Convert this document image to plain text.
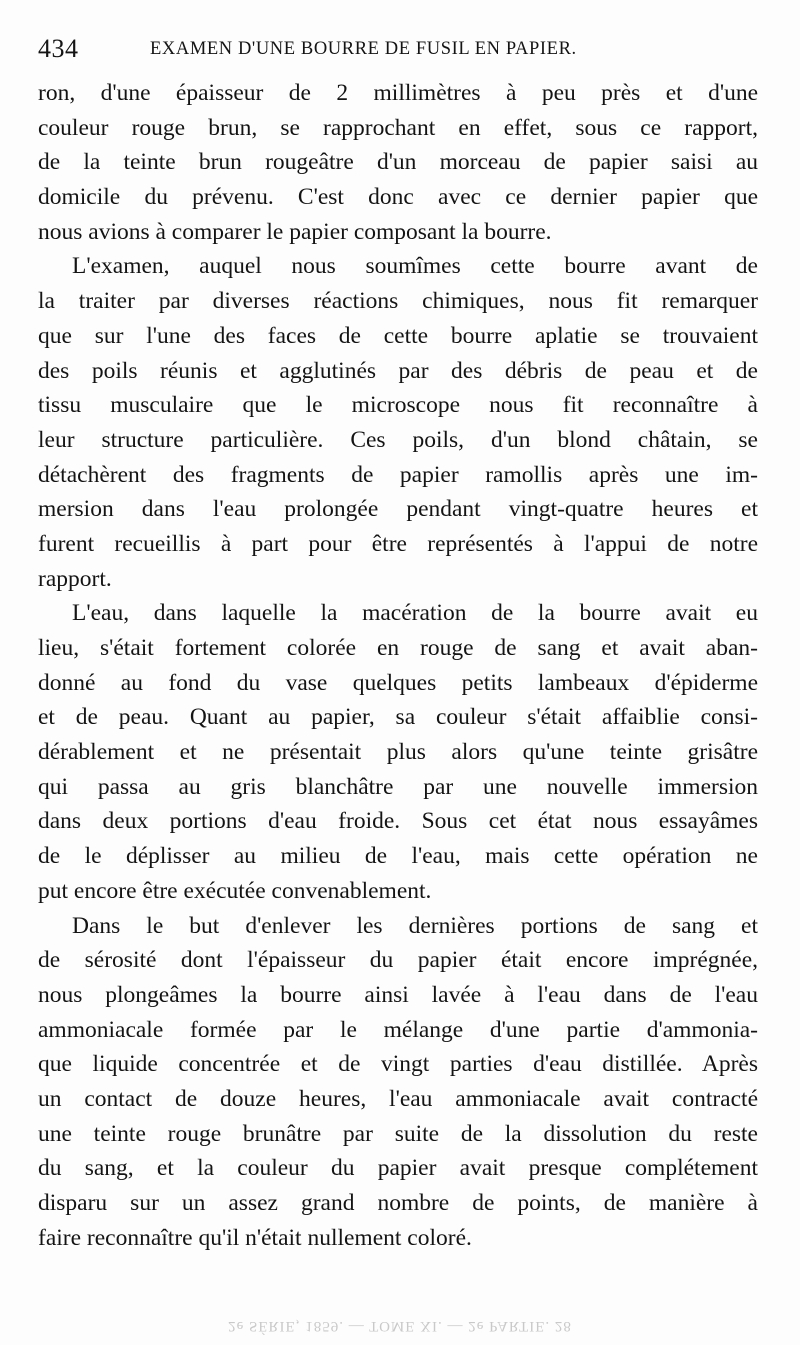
434	EXAMEN D'UNE BOURRE DE FUSIL EN PAPIER.
ron, d'une épaisseur de 2 millimètres à peu près et d'une
couleur rouge brun, se rapprochant en effet, sous ce rapport,
de la teinte brun rougeâtre d'un morceau de papier saisi au
domicile du prévenu. C'est donc avec ce dernier papier que
nous avions à comparer le papier composant la bourre.
L'examen, auquel nous soumîmes cette bourre avant de
la traiter par diverses réactions chimiques, nous fit remarquer
que sur l'une des faces de cette bourre aplatie se trouvaient
des poils réunis et agglutinés par des débris de peau et de
tissu musculaire que le microscope nous fit reconnaître à
leur structure particulière. Ces poils, d'un blond châtain, se
détachèrent des fragments de papier ramollis après une im-
mersion dans l'eau prolongée pendant vingt-quatre heures et
furent recueillis à part pour être représentés à l'appui de notre
rapport.
L'eau, dans laquelle la macération de la bourre avait eu
lieu, s'était fortement colorée en rouge de sang et avait aban-
donné au fond du vase quelques petits lambeaux d'épiderme
et de peau. Quant au papier, sa couleur s'était affaiblie consi-
dérablement et ne présentait plus alors qu'une teinte grisâtre
qui passa au gris blanchâtre par une nouvelle immersion
dans deux portions d'eau froide. Sous cet état nous essayâmes
de le déplisser au milieu de l'eau, mais cette opération ne
put encore être exécutée convenablement.
Dans le but d'enlever les dernières portions de sang et
de sérosité dont l'épaisseur du papier était encore imprégnée,
nous plongeâmes la bourre ainsi lavée à l'eau dans de l'eau
ammoniacale formée par le mélange d'une partie d'ammonia-
que liquide concentrée et de vingt parties d'eau distillée. Après
un contact de douze heures, l'eau ammoniacale avait contracté
une teinte rouge brunâtre par suite de la dissolution du reste
du sang, et la couleur du papier avait presque complétement
disparu sur un assez grand nombre de points, de manière à
faire reconnaître qu'il n'était nullement coloré.
2e SÉRIE, 1859. — TOME XI. — 2e PARTIE. 28
